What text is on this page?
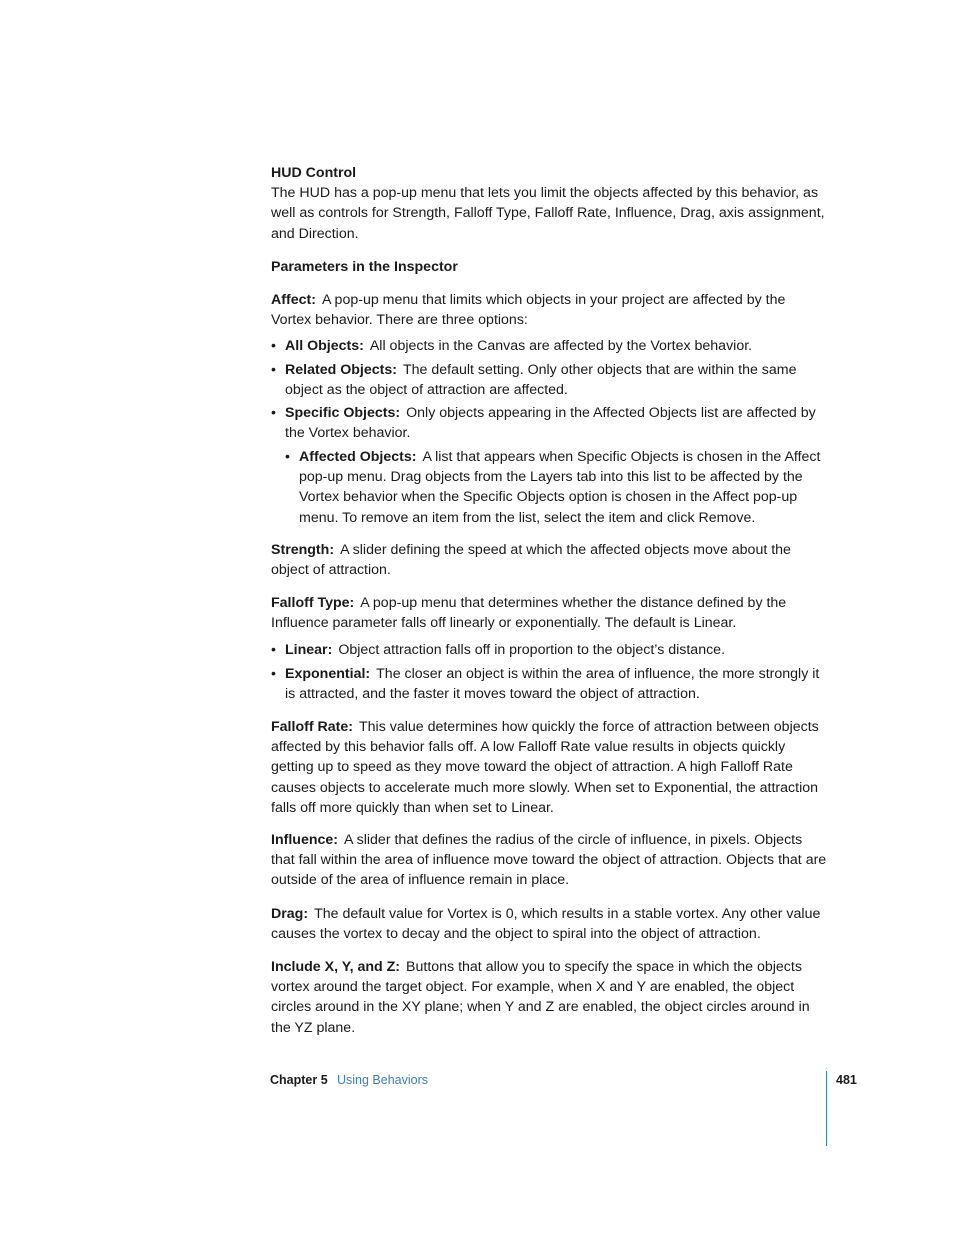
HUD Control

The HUD has a pop-up menu that lets you limit the objects affected by this behavior, as well as controls for Strength, Falloff Type, Falloff Rate, Influence, Drag, axis assignment, and Direction.

Parameters in the Inspector

Affect: A pop-up menu that limits which objects in your project are affected by the Vortex behavior. There are three options:
• All Objects: All objects in the Canvas are affected by the Vortex behavior.
• Related Objects: The default setting. Only other objects that are within the same object as the object of attraction are affected.
• Specific Objects: Only objects appearing in the Affected Objects list are affected by the Vortex behavior.
• Affected Objects: A list that appears when Specific Objects is chosen in the Affect pop-up menu. Drag objects from the Layers tab into this list to be affected by the Vortex behavior when the Specific Objects option is chosen in the Affect pop-up menu. To remove an item from the list, select the item and click Remove.
Strength: A slider defining the speed at which the affected objects move about the object of attraction.
Falloff Type: A pop-up menu that determines whether the distance defined by the Influence parameter falls off linearly or exponentially. The default is Linear.
• Linear: Object attraction falls off in proportion to the object’s distance.
• Exponential: The closer an object is within the area of influence, the more strongly it is attracted, and the faster it moves toward the object of attraction.
Falloff Rate: This value determines how quickly the force of attraction between objects affected by this behavior falls off. A low Falloff Rate value results in objects quickly getting up to speed as they move toward the object of attraction. A high Falloff Rate causes objects to accelerate much more slowly. When set to Exponential, the attraction falls off more quickly than when set to Linear.
Influence: A slider that defines the radius of the circle of influence, in pixels. Objects that fall within the area of influence move toward the object of attraction. Objects that are outside of the area of influence remain in place.
Drag: The default value for Vortex is 0, which results in a stable vortex. Any other value causes the vortex to decay and the object to spiral into the object of attraction.
Include X, Y, and Z: Buttons that allow you to specify the space in which the objects vortex around the target object. For example, when X and Y are enabled, the object circles around in the XY plane; when Y and Z are enabled, the object circles around in the YZ plane.
Chapter 5 Using Behaviors	481
